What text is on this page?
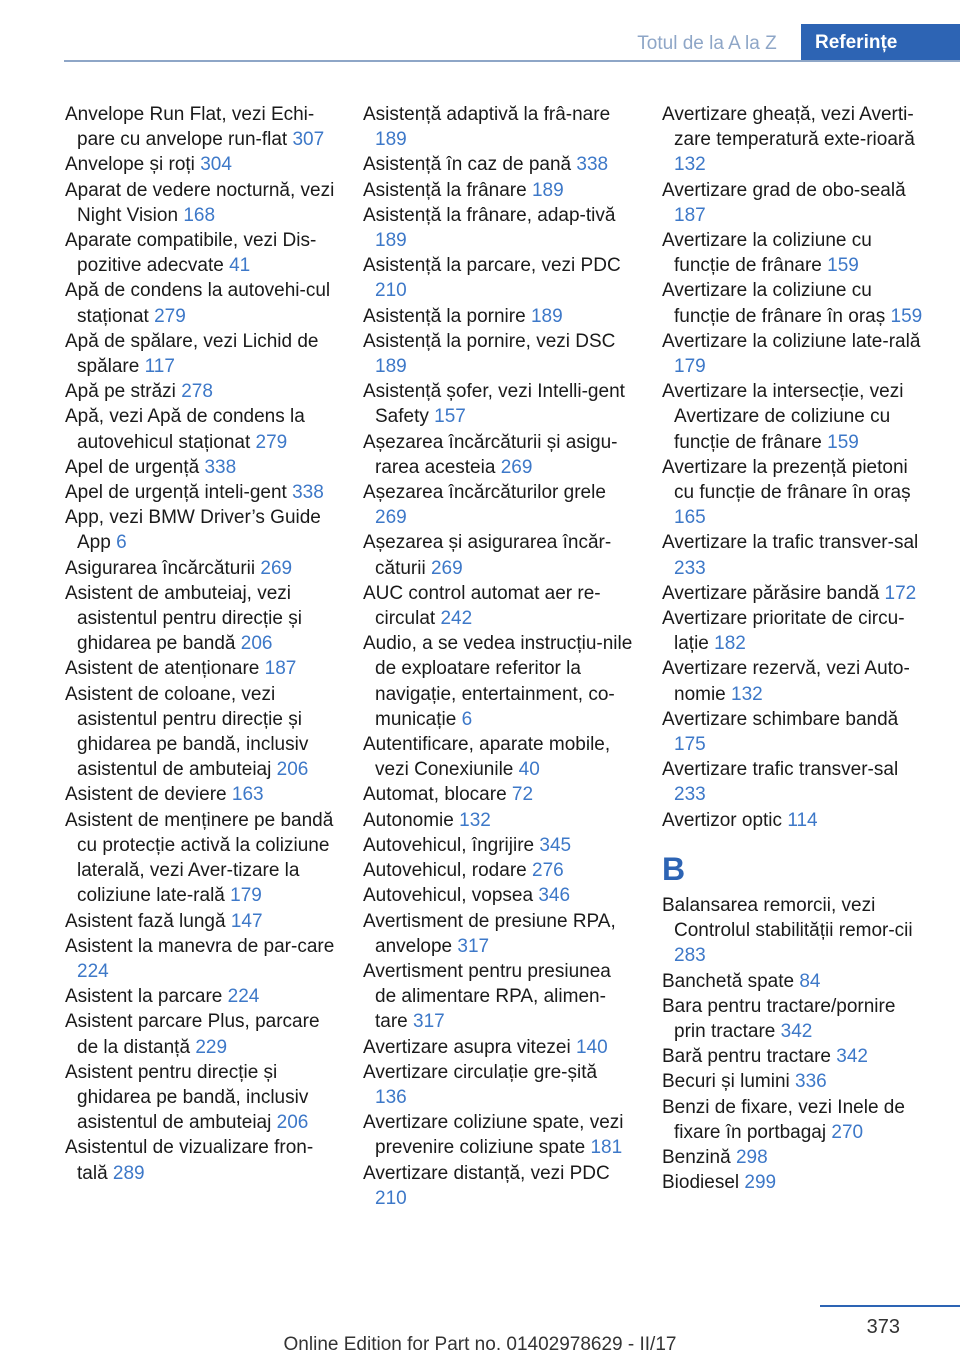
Totul de la A la Z	Referințe
Anvelope Run Flat, vezi Echi-pare cu anvelope run-flat 307
Anvelope și roți 304
Aparat de vedere nocturnă, vezi Night Vision 168
Aparate compatibile, vezi Dis-pozitive adecvate 41
Apă de condens la autovehi-cul staționat 279
Apă de spălare, vezi Lichid de spălare 117
Apă pe străzi 278
Apă, vezi Apă de condens la autovehicul staționat 279
Apel de urgență 338
Apel de urgență inteli-gent 338
App, vezi BMW Driver’s Guide App 6
Asigurarea încărcăturii 269
Asistent de ambuteiaj, vezi asistentul pentru direcție și ghidarea pe bandă 206
Asistent de atenționare 187
Asistent de coloane, vezi asistentul pentru direcție și ghidarea pe bandă, inclusiv asistentul de ambuteiaj 206
Asistent de deviere 163
Asistent de menținere pe bandă cu protecție activă la coliziune laterală, vezi Aver-tizare la coliziune late-rală 179
Asistent fază lungă 147
Asistent la manevra de par-care 224
Asistent la parcare 224
Asistent parcare Plus, parcare de la distanță 229
Asistent pentru direcție și ghidarea pe bandă, inclusiv asistentul de ambuteiaj 206
Asistentul de vizualizare fron-tală 289
Asistență adaptivă la frâ-nare 189
Asistență în caz de pană 338
Asistență la frânare 189
Asistență la frânare, adap-tivă 189
Asistență la parcare, vezi PDC 210
Asistență la pornire 189
Asistență la pornire, vezi DSC 189
Asistență șofer, vezi Intelli-gent Safety 157
Așezarea încărcăturii și asigu-rarea acesteia 269
Așezarea încărcăturilor grele 269
Așezarea și asigurarea încăr-căturii 269
AUC control automat aer re-circulat 242
Audio, a se vedea instrucțiu-nile de exploatare referitor la navigație, entertainment, co-municație 6
Autentificare, aparate mobile, vezi Conexiunile 40
Automat, blocare 72
Autonomie 132
Autovehicul, îngrijire 345
Autovehicul, rodare 276
Autovehicul, vopsea 346
Avertisment de presiune RPA, anvelope 317
Avertisment pentru presiunea de alimentare RPA, alimen-tare 317
Avertizare asupra vitezei 140
Avertizare circulație gre-șită 136
Avertizare coliziune spate, vezi prevenire coliziune spate 181
Avertizare distanță, vezi PDC 210
Avertizare gheață, vezi Averti-zare temperatură exte-rioară 132
Avertizare grad de obo-seală 187
Avertizare la coliziune cu funcție de frânare 159
Avertizare la coliziune cu funcție de frânare în oraș 159
Avertizare la coliziune late-rală 179
Avertizare la intersecție, vezi Avertizare de coliziune cu funcție de frânare 159
Avertizare la prezență pietoni cu funcție de frânare în oraș 165
Avertizare la trafic transver-sal 233
Avertizare părăsire bandă 172
Avertizare prioritate de circu-lație 182
Avertizare rezervă, vezi Auto-nomie 132
Avertizare schimbare bandă 175
Avertizare trafic transver-sal 233
Avertizor optic 114
B
Balansarea remorcii, vezi Controlul stabilității remor-cii 283
Banchetă spate 84
Bara pentru tractare/pornire prin tractare 342
Bară pentru tractare 342
Becuri și lumini 336
Benzi de fixare, vezi Inele de fixare în portbagaj 270
Benzină 298
Biodiesel 299
373
Online Edition for Part no. 01402978629 - II/17
